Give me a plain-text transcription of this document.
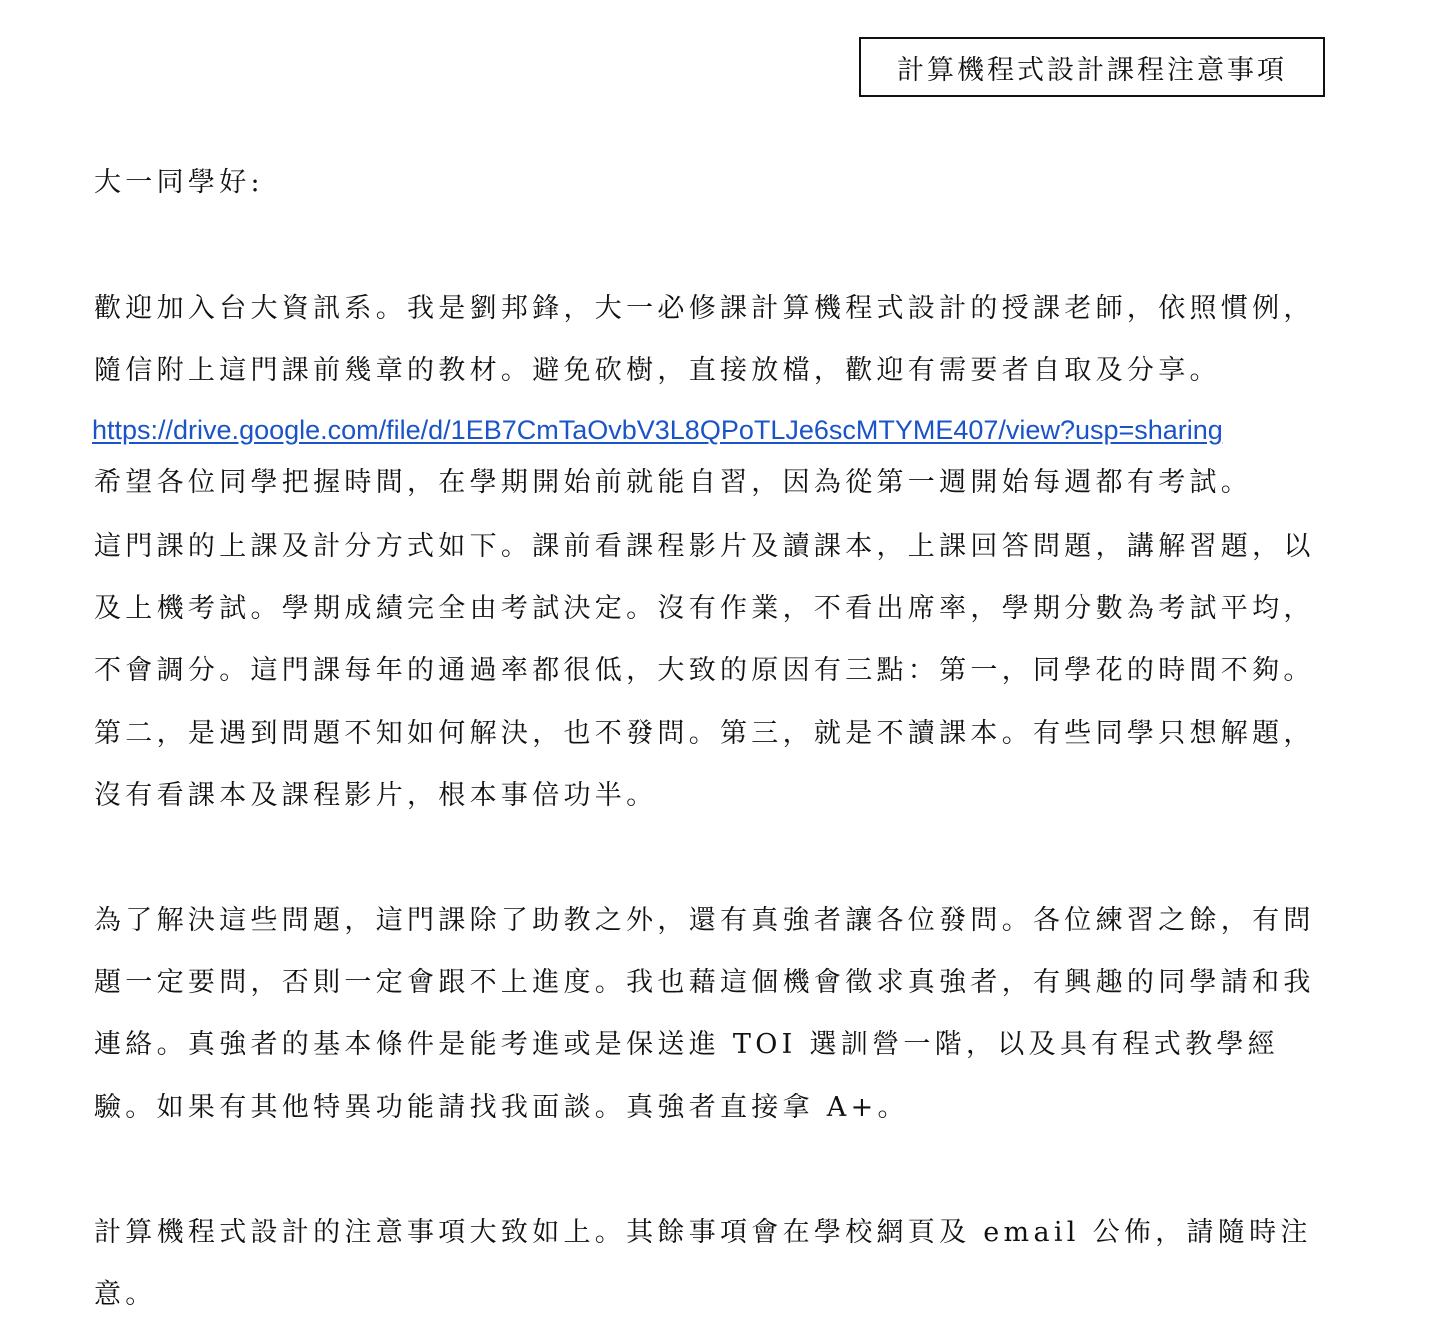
計算機程式設計課程注意事項
大一同學好:
歡迎加入台大資訊系。我是劉邦鋒，大一必修課計算機程式設計的授課老師，依照慣例，
隨信附上這門課前幾章的教材。避免砍樹，直接放檔，歡迎有需要者自取及分享。
https://drive.google.com/file/d/1EB7CmTaOvbV3L8QPoTLJe6scMTYME407/view?usp=sharing
希望各位同學把握時間，在學期開始前就能自習，因為從第一週開始每週都有考試。
這門課的上課及計分方式如下。課前看課程影片及讀課本，上課回答問題，講解習題，以
及上機考試。學期成績完全由考試決定。沒有作業，不看出席率，學期分數為考試平均，
不會調分。這門課每年的通過率都很低，大致的原因有三點：第一，同學花的時間不夠。
第二，是遇到問題不知如何解決，也不發問。第三，就是不讀課本。有些同學只想解題，
沒有看課本及課程影片，根本事倍功半。
為了解決這些問題，這門課除了助教之外，還有真強者讓各位發問。各位練習之餘，有問
題一定要問，否則一定會跟不上進度。我也藉這個機會徵求真強者，有興趣的同學請和我
連絡。真強者的基本條件是能考進或是保送進 TOI 選訓營一階，以及具有程式教學經
驗。如果有其他特異功能請找我面談。真強者直接拿 A+。
計算機程式設計的注意事項大致如上。其餘事項會在學校網頁及 email 公佈，請隨時注
意。
